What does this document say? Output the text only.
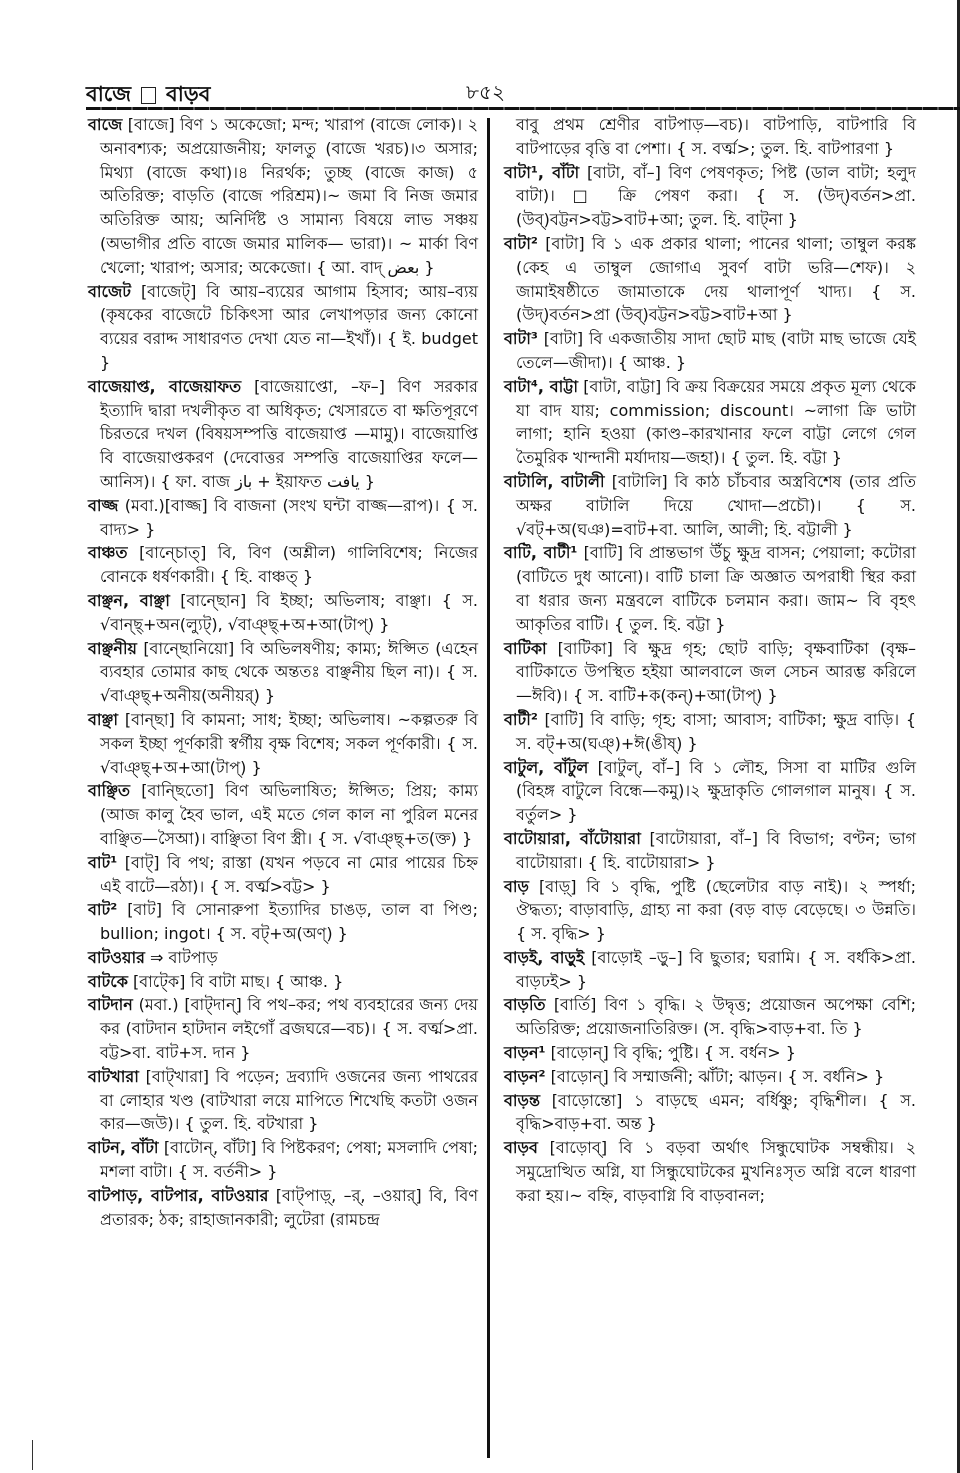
বাজে বাড়ব	৮৫২

বাজে [বাজে] বিণ ১ অকেজো; মন্দ; খারাপ (বাজে লোক)। ২ অনাবশ্যক; অপ্রয়োজনীয়; ফালতু (বাজে খরচ)।৩ অসার; মিথ্যা (বাজে কথা)।৪ নিরর্থক; তুচ্ছ (বাজে কাজ) ৫ অতিরিক্ত; বাড়তি (বাজে পরিশ্রম)।~ জমা বি নিজ জমার অতিরিক্ত আয়; অনির্দিষ্ট ও সামান্য বিষয়ে লাভ সঞ্চয় (অভাগীর প্রতি বাজে জমার মালিক— ভারা)। ~ মার্কা বিণ খেলো; খারাপ; অসার; অকেজো। { আ. বাদ্ بعض }

বাজেট [বাজেট্] বি আয়–ব্যয়ের আগাম হিসাব; আয়–ব্যয় (কৃষকের বাজেটে চিকিৎসা আর লেখাপড়ার জন্য কোনো ব্যয়ের বরাদ্দ সাধারণত দেখা যেত না—ইখাঁ)। { ই. budget }

বাজেয়াপ্ত, বাজেয়াফত [বাজেয়াপ্তো, –ফ–] বিণ সরকার ইত্যাদি দ্বারা দখলীকৃত বা অধিকৃত; খেসারতে বা ক্ষতিপূরণে চিরতরে দখল (বিষয়সম্পত্তি বাজেয়াপ্ত —মামু)। বাজেয়াপ্তি বি বাজেয়াপ্তকরণ (দেবোত্তর সম্পত্তি বাজেয়াপ্তির ফলে—আনিস)। { ফা. বাজ باز + ইয়াফত یافت }

বাজ্জ (মবা.)[বাজ্জ] বি বাজনা (সংখ ঘন্টা বাজ্জ—রাপ)। { স. বাদ্য> }

বাঞ্চত [বান্চোত্] বি, বিণ (অশ্লীল) গালিবিশেষ; নিজের বোনকে ধর্ষণকারী। { হি. বাঞ্চত্ }

বাঞ্ছন, বাঞ্ছা [বান্ছোন] বি ইচ্ছা; অভিলাষ; বাঞ্ছা। { স. √বান্ছ্+অন(ল্যুট্), √বাঞ্ছ্+অ+আ(টাপ্) }

বাঞ্ছনীয় [বান্ছোনিয়ো] বি অভিলষণীয়; কাম্য; ঈপ্সিত (এহেন ব্যবহার তোমার কাছ থেকে অন্ততঃ বাঞ্ছনীয় ছিল না)। { স. √বাঞ্ছ্+অনীয়(অনীয়র্) }

বাঞ্ছা [বান্ছা] বি কামনা; সাধ; ইচ্ছা; অভিলাষ। ~কল্পতরু বি সকল ইচ্ছা পূর্ণকারী স্বর্গীয় বৃক্ষ বিশেষ; সকল পূর্ণকারী। { স. √বাঞ্ছ্+অ+আ(টাপ্) }

বাঞ্ছিত [বান্ছিতো] বিণ অভিলাষিত; ঈপ্সিত; প্রিয়; কাম্য (আজ কালু হৈব ভাল, এই মতে গেল কাল না পুরিল মনের বাঞ্ছিত—সৈআ)। বাঞ্ছিতা বিণ স্ত্রী। { স. √বাঞ্ছ্+ত(ক্ত) }

বাট¹ [বাট্] বি পথ; রাস্তা (যখন পড়বে না মোর পায়ের চিহ্ন এই বাটে—রঠা)। { স. বর্ত্ম>বট্ট> }

বাট² [বাট] বি সোনারুপা ইত্যাদির চাঙড়, তাল বা পিণ্ড; bullion; ingot। { স. বট্+অ(অণ্) }

বাটওয়ার ⇒ বাটপাড়

বাটকে [বাট্কে] বি বাটা মাছ। { আঞ্চ. }

বাটদান (মবা.) [বাট্দান্] বি পথ–কর; পথ ব্যবহারের জন্য দেয় কর (বাটদান হাটদান লইগোঁ ব্রজঘরে—বচ)। { স. বর্ত্ম>প্রা. বট্ট>বা. বাট+স. দান }

বাটখারা [বাট্খারা] বি পড়েন; দ্রব্যাদি ওজনের জন্য পাথরের বা লোহার খণ্ড (বাটখারা লয়ে মাপিতে শিখেছি কতটা ওজন কার—জউ)। { তুল. হি. বটখারা }

বাটন, বাঁটা [বাটোন্, বাঁটা] বি পিষ্টকরণ; পেষা; মসলাদি পেষা; মশলা বাটা। { স. বর্তনী> }

বাটপাড়, বাটপার, বাটওয়ার [বাট্পাড়্, –র্, –ওয়ার্] বি, বিণ প্রতারক; ঠক; রাহাজানকারী; লুটেরা (রামচন্দ্র

বাবু প্রথম শ্রেণীর বাটপাড়—বচ)। বাটপাড়ি, বাটপারি বি বাটপাড়ের বৃত্তি বা পেশা। { স. বর্ত্ম>; তুল. হি. বাটপারণা }

বাটা¹, বাঁটা [বাটা, বাঁ–] বিণ পেষণকৃত; পিষ্ট (ডাল বাটা; হলুদ বাটা)। □ ক্রি পেষণ করা। { স. (উদ্)বর্তন>প্রা. (উব্)বট্টন>বট্ট>বাট+আ; তুল. হি. বাট্না }

বাটা² [বাটা] বি ১ এক প্রকার থালা; পানের থালা; তাম্বুল করঙ্ক (কেহ এ তাম্বুল জোগাএ সুবর্ণ বাটা ভরি—শেফ)। ২ জামাইষষ্ঠীতে জামাতাকে দেয় থালাপূর্ণ খাদ্য। { স. (উদ্)বর্তন>প্রা (উব্)বট্টন>বট্ট>বাট+আ }

বাটা³ [বাটা] বি একজাতীয় সাদা ছোট মাছ (বাটা মাছ ভাজে যেই তেলে—জীদা)। { আঞ্চ. }

বাটা⁴, বাট্টা [বাটা, বাট্টা] বি ক্রয় বিক্রয়ের সময়ে প্রকৃত মূল্য থেকে যা বাদ যায়; commission; discount। ~লাগা ক্রি ভাটা লাগা; হানি হওয়া (কাণ্ড–কারখানার ফলে বাট্টা লেগে গেল তৈমুরিক খান্দানী মর্যাদায়—জহা)। { তুল. হি. বট্টা }

বাটালি, বাটালী [বাটালি] বি কাঠ চাঁচবার অস্ত্রবিশেষ (তার প্রতি অক্ষর বাটালি দিয়ে খোদা—প্রচৌ)। { স. √বট্+অ(ঘঞ)=বাট+বা. আলি, আলী; হি. বট্টালী }

বাটি, বাটী¹ [বাটি] বি প্রান্তভাগ উঁচু ক্ষুদ্র বাসন; পেয়ালা; কটোরা (বাটিতে দুধ আনো)। বাটি চালা ক্রি অজ্ঞাত অপরাধী স্থির করা বা ধরার জন্য মন্ত্রবলে বাটিকে চলমান করা। জাম~ বি বৃহৎ আকৃতির বাটি। { তুল. হি. বট্টা }

বাটিকা [বাটিকা] বি ক্ষুদ্র গৃহ; ছোট বাড়ি; বৃক্ষবাটিকা (বৃক্ষ–বাটিকাতে উপস্থিত হইয়া আলবালে জল সেচন আরম্ভ করিলে—ঈবি)। { স. বাটি+ক(কন্)+আ(টাপ্) }

বাটী² [বাটি] বি বাড়ি; গৃহ; বাসা; আবাস; বাটিকা; ক্ষুদ্র বাড়ি। { স. বট্+অ(ঘঞ্)+ঈ(ঙীষ্) }

বাটুল, বাঁটুল [বাটুল্, বাঁ–] বি ১ লৌহ, সিসা বা মাটির গুলি (বিহঙ্গ বাটুলে বিন্ধে—কমু)।২ ক্ষুদ্রাকৃতি গোলগাল মানুষ। { স. বর্তুল> }

বাটোয়ারা, বাঁটোয়ারা [বাটোয়ারা, বাঁ–] বি বিভাগ; বণ্টন; ভাগ বাটোয়ারা। { হি. বাটোয়ারা> }

বাড় [বাড়্] বি ১ বৃদ্ধি, পুষ্টি (ছেলেটার বাড় নাই)। ২ স্পর্ধা; ঔদ্ধত্য; বাড়াবাড়ি, গ্রাহ্য না করা (বড় বাড় বেড়েছে। ৩ উন্নতি। { স. বৃদ্ধি> }

বাড়ই, বাড়ুই [বাড়োই –ড়ু–] বি ছুতার; ঘরামি। { স. বর্ধকি>প্রা. বাড়ঢই> }

বাড়তি [বার্তি] বিণ ১ বৃদ্ধি। ২ উদ্বৃত্ত; প্রয়োজন অপেক্ষা বেশি; অতিরিক্ত; প্রয়োজনাতিরিক্ত। (স. বৃদ্ধি>বাড়+বা. তি }

বাড়ন¹ [বাড়োন্] বি বৃদ্ধি; পুষ্টি। { স. বর্ধন> }

বাড়ন² [বাড়োন্] বি সম্মার্জনী; ঝাঁটা; ঝাড়ন। { স. বর্ধনি> }

বাড়ন্ত [বাড়োন্তো] ১ বাড়ছে এমন; বর্ধিষ্ণু; বৃদ্ধিশীল। { স. বৃদ্ধি>বাড়+বা. অন্ত }

বাড়ব [বাড়োব্] বি ১ বড়বা অর্থাৎ সিন্ধুঘোটক সম্বন্ধীয়। ২ সমুদ্রোত্থিত অগ্নি, যা সিন্ধুঘোটকের মুখনিঃসৃত অগ্নি বলে ধারণা করা হয়।~ বহ্নি, বাড়বাগ্নি বি বাড়বানল;
